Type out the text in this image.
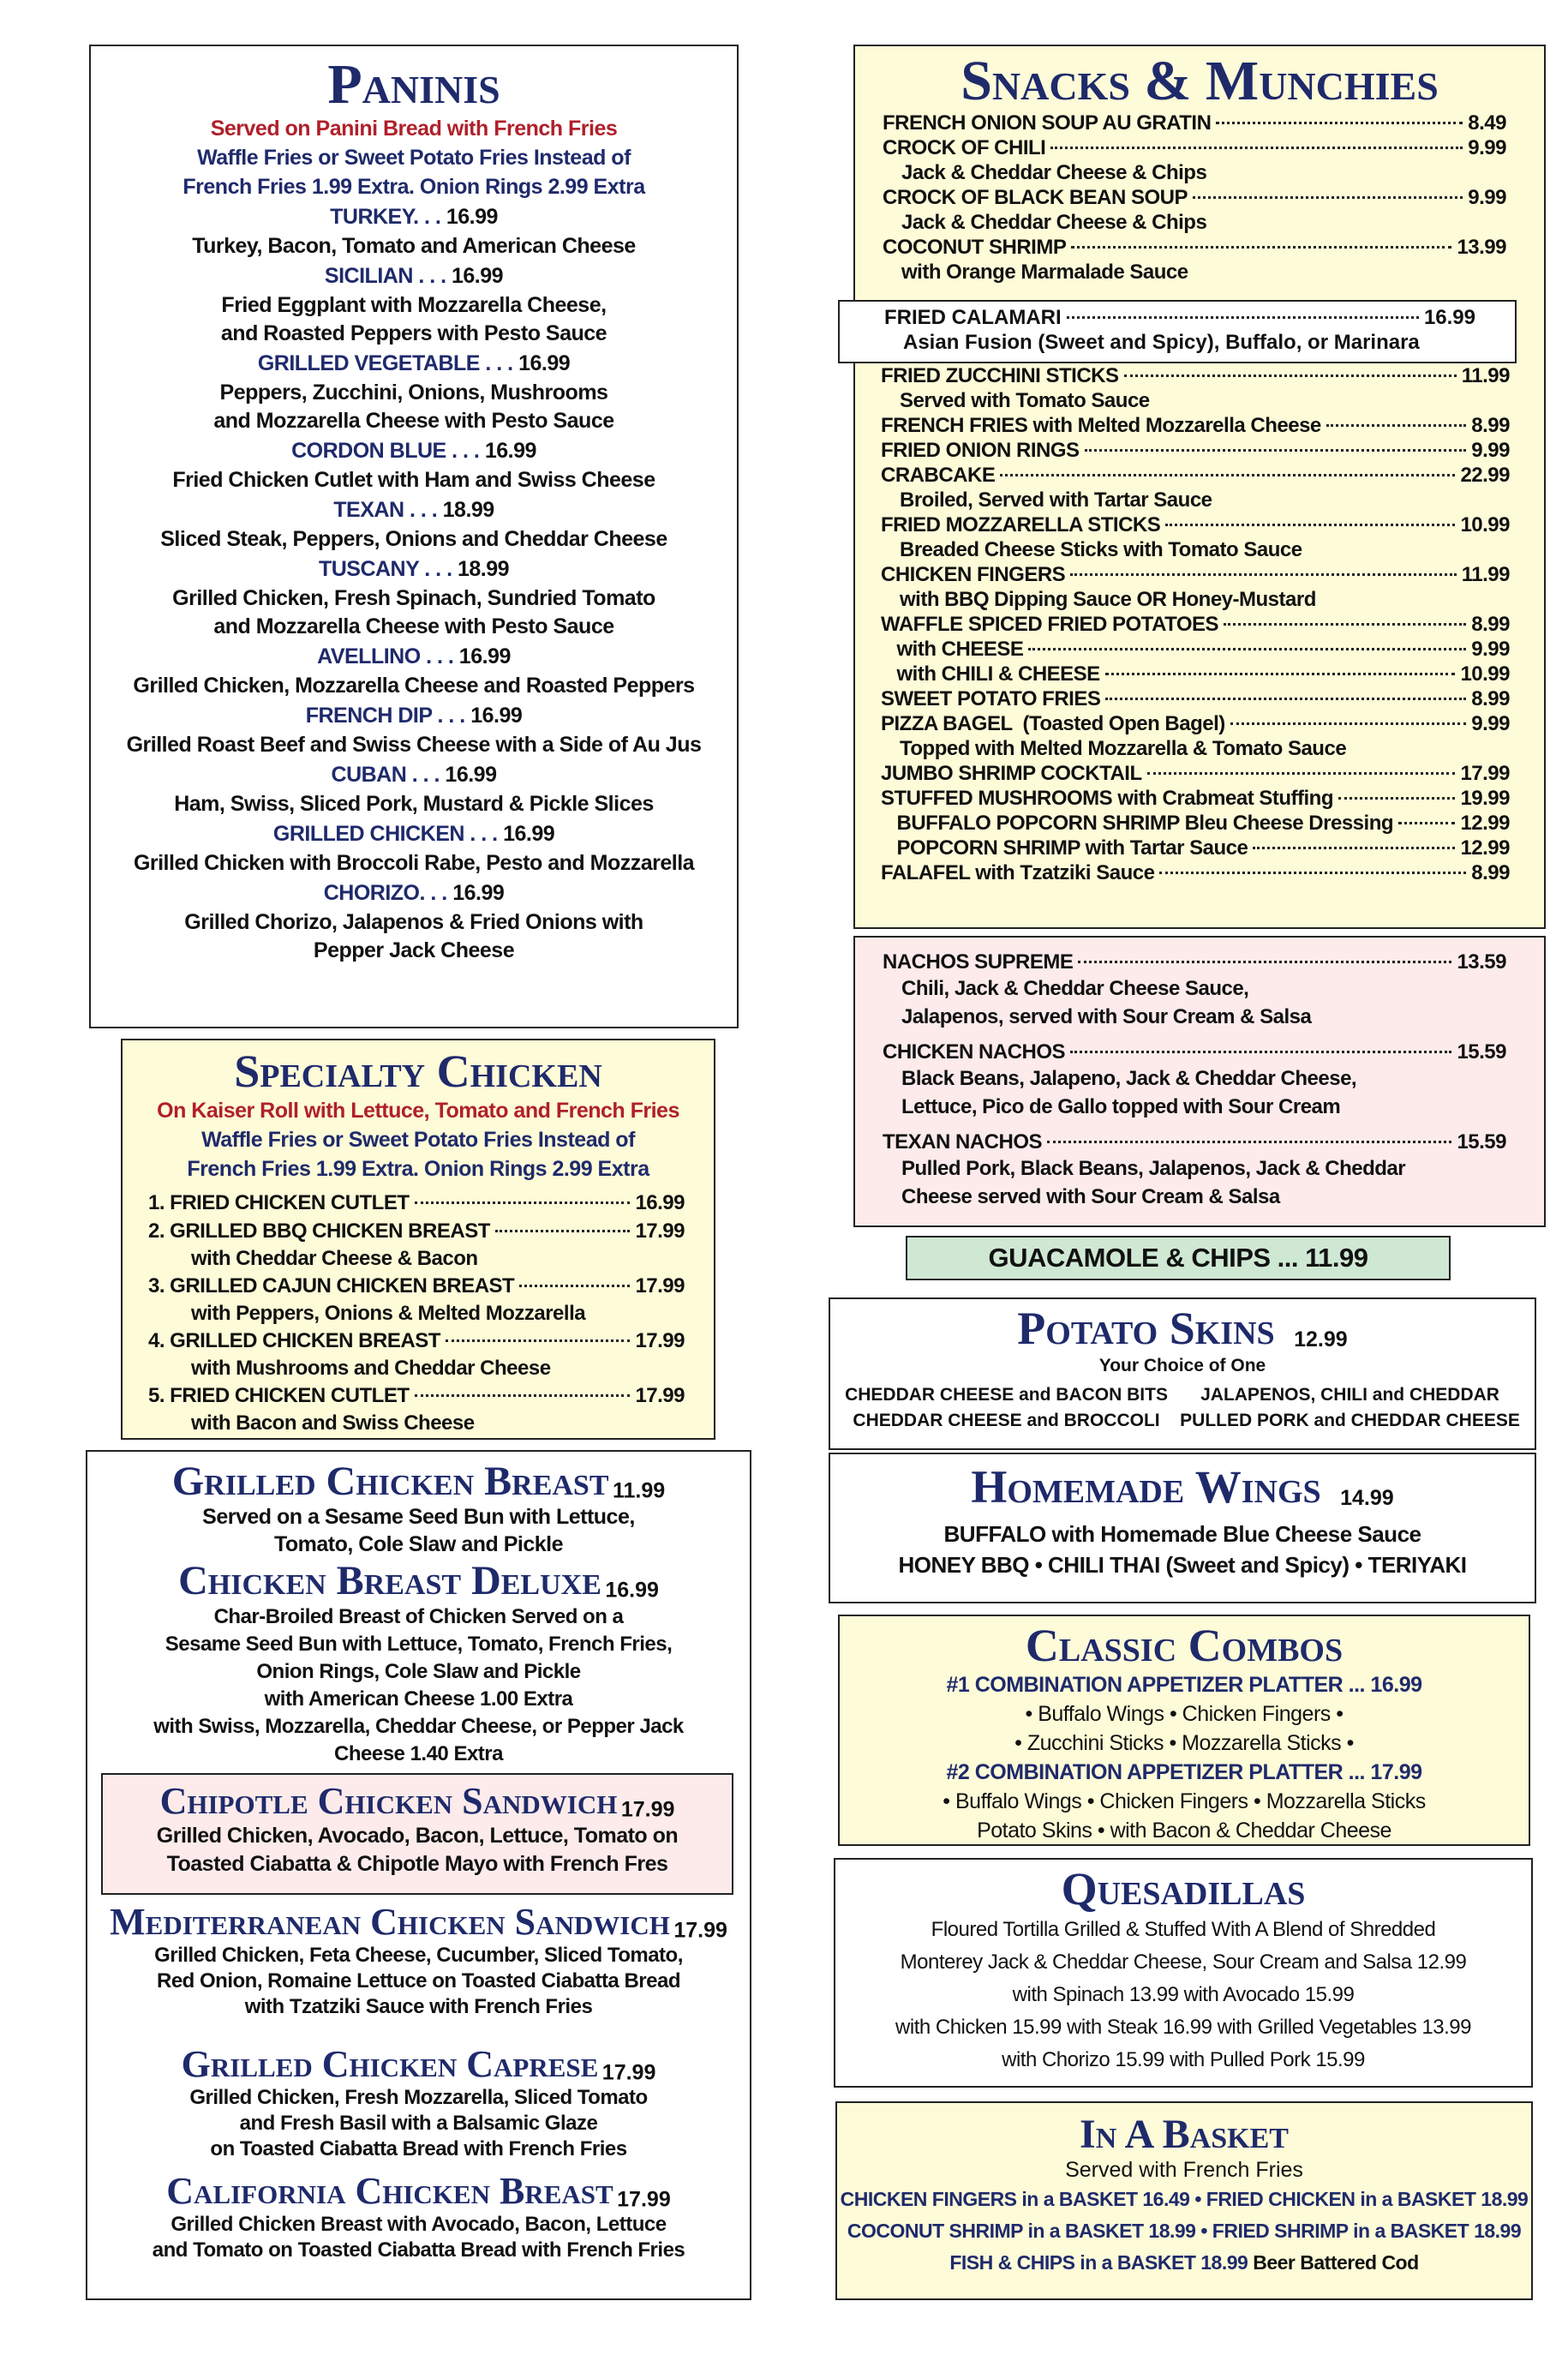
Paninis
Served on Panini Bread with French Fries
Waffle Fries or Sweet Potato Fries Instead of
French Fries 1.99 Extra. Onion Rings 2.99 Extra
TURKEY. . . 16.99
Turkey, Bacon, Tomato and American Cheese
SICILIAN . . . 16.99
Fried Eggplant with Mozzarella Cheese,
and Roasted Peppers with Pesto Sauce
GRILLED VEGETABLE . . . 16.99
Peppers, Zucchini, Onions, Mushrooms
and Mozzarella Cheese with Pesto Sauce
CORDON BLUE . . . 16.99
Fried Chicken Cutlet with Ham and Swiss Cheese
TEXAN . . . 18.99
Sliced Steak, Peppers, Onions and Cheddar Cheese
TUSCANY . . . 18.99
Grilled Chicken, Fresh Spinach, Sundried Tomato
and Mozzarella Cheese with Pesto Sauce
AVELLINO . . . 16.99
Grilled Chicken, Mozzarella Cheese and Roasted Peppers
FRENCH DIP . . . 16.99
Grilled Roast Beef and Swiss Cheese with a Side of Au Jus
CUBAN . . . 16.99
Ham, Swiss, Sliced Pork, Mustard & Pickle Slices
GRILLED CHICKEN . . . 16.99
Grilled Chicken with Broccoli Rabe, Pesto and Mozzarella
CHORIZO. . . 16.99
Grilled Chorizo, Jalapenos & Fried Onions with
Pepper Jack Cheese
Specialty Chicken
On Kaiser Roll with Lettuce, Tomato and French Fries
Waffle Fries or Sweet Potato Fries Instead of
French Fries 1.99 Extra. Onion Rings 2.99 Extra
1. FRIED CHICKEN CUTLET	16.99
2. GRILLED BBQ CHICKEN BREAST	17.99
with Cheddar Cheese & Bacon
3. GRILLED CAJUN CHICKEN BREAST	17.99
with Peppers, Onions & Melted Mozzarella
4. GRILLED CHICKEN BREAST	17.99
with Mushrooms and Cheddar Cheese
5. FRIED CHICKEN CUTLET	17.99
with Bacon and Swiss Cheese
Grilled Chicken Breast 11.99
Served on a Sesame Seed Bun with Lettuce,
Tomato, Cole Slaw and Pickle
Chicken Breast Deluxe 16.99
Char-Broiled Breast of Chicken Served on a
Sesame Seed Bun with Lettuce, Tomato, French Fries,
Onion Rings, Cole Slaw and Pickle
with American Cheese 1.00 Extra
with Swiss, Mozzarella, Cheddar Cheese, or Pepper Jack
Cheese 1.40 Extra
Chipotle Chicken Sandwich 17.99
Grilled Chicken, Avocado, Bacon, Lettuce, Tomato on
Toasted Ciabatta & Chipotle Mayo with French Fres
Mediterranean Chicken Sandwich 17.99
Grilled Chicken, Feta Cheese, Cucumber, Sliced Tomato,
Red Onion, Romaine Lettuce on Toasted Ciabatta Bread
with Tzatziki Sauce with French Fries
Grilled Chicken Caprese 17.99
Grilled Chicken, Fresh Mozzarella, Sliced Tomato
and Fresh Basil with a Balsamic Glaze
on Toasted Ciabatta Bread with French Fries
California Chicken Breast 17.99
Grilled Chicken Breast with Avocado, Bacon, Lettuce
and Tomato on Toasted Ciabatta Bread with French Fries
Snacks & Munchies
FRENCH ONION SOUP AU GRATIN	8.49
CROCK OF CHILI	9.99
Jack & Cheddar Cheese & Chips
CROCK OF BLACK BEAN SOUP	9.99
Jack & Cheddar Cheese & Chips
COCONUT SHRIMP	13.99
with Orange Marmalade Sauce
FRIED CALAMARI	16.99
Asian Fusion (Sweet and Spicy), Buffalo, or Marinara
FRIED ZUCCHINI STICKS	11.99
Served with Tomato Sauce
FRENCH FRIES with Melted Mozzarella Cheese	8.99
FRIED ONION RINGS	9.99
CRABCAKE	22.99
Broiled, Served with Tartar Sauce
FRIED MOZZARELLA STICKS	10.99
Breaded Cheese Sticks with Tomato Sauce
CHICKEN FINGERS	11.99
with BBQ Dipping Sauce OR Honey-Mustard
WAFFLE SPICED FRIED POTATOES	8.99
with CHEESE	9.99
with CHILI & CHEESE	10.99
SWEET POTATO FRIES	8.99
PIZZA BAGEL  (Toasted Open Bagel)	9.99
Topped with Melted Mozzarella & Tomato Sauce
JUMBO SHRIMP COCKTAIL	17.99
STUFFED MUSHROOMS with Crabmeat Stuffing	19.99
BUFFALO POPCORN SHRIMP Bleu Cheese Dressing	12.99
POPCORN SHRIMP with Tartar Sauce	12.99
FALAFEL with Tzatziki Sauce	8.99
NACHOS SUPREME	13.59
Chili, Jack & Cheddar Cheese Sauce,
Jalapenos, served with Sour Cream & Salsa
CHICKEN NACHOS	15.59
Black Beans, Jalapeno, Jack & Cheddar Cheese,
Lettuce, Pico de Gallo topped with Sour Cream
TEXAN NACHOS	15.59
Pulled Pork, Black Beans, Jalapenos, Jack & Cheddar
Cheese served with Sour Cream & Salsa
GUACAMOLE & CHIPS ... 11.99
Potato Skins 12.99
Your Choice of One
CHEDDAR CHEESE and BACON BITS
CHEDDAR CHEESE and BROCCOLI
JALAPENOS, CHILI and CHEDDAR
PULLED PORK and CHEDDAR CHEESE
Homemade Wings 14.99
BUFFALO with Homemade Blue Cheese Sauce
HONEY BBQ • CHILI THAI (Sweet and Spicy) • TERIYAKI
Classic Combos
#1 COMBINATION APPETIZER PLATTER ... 16.99
• Buffalo Wings • Chicken Fingers •
• Zucchini Sticks • Mozzarella Sticks •
#2 COMBINATION APPETIZER PLATTER ... 17.99
• Buffalo Wings • Chicken Fingers • Mozzarella Sticks
Potato Skins • with Bacon & Cheddar Cheese
Quesadillas
Floured Tortilla Grilled & Stuffed With A Blend of Shredded
Monterey Jack & Cheddar Cheese, Sour Cream and Salsa 12.99
with Spinach 13.99 with Avocado 15.99
with Chicken 15.99 with Steak 16.99 with Grilled Vegetables 13.99
with Chorizo 15.99 with Pulled Pork 15.99
In A Basket
Served with French Fries
CHICKEN FINGERS in a BASKET 16.49 • FRIED CHICKEN in a BASKET 18.99
COCONUT SHRIMP in a BASKET 18.99 • FRIED SHRIMP in a BASKET 18.99
FISH & CHIPS in a BASKET 18.99 Beer Battered Cod
